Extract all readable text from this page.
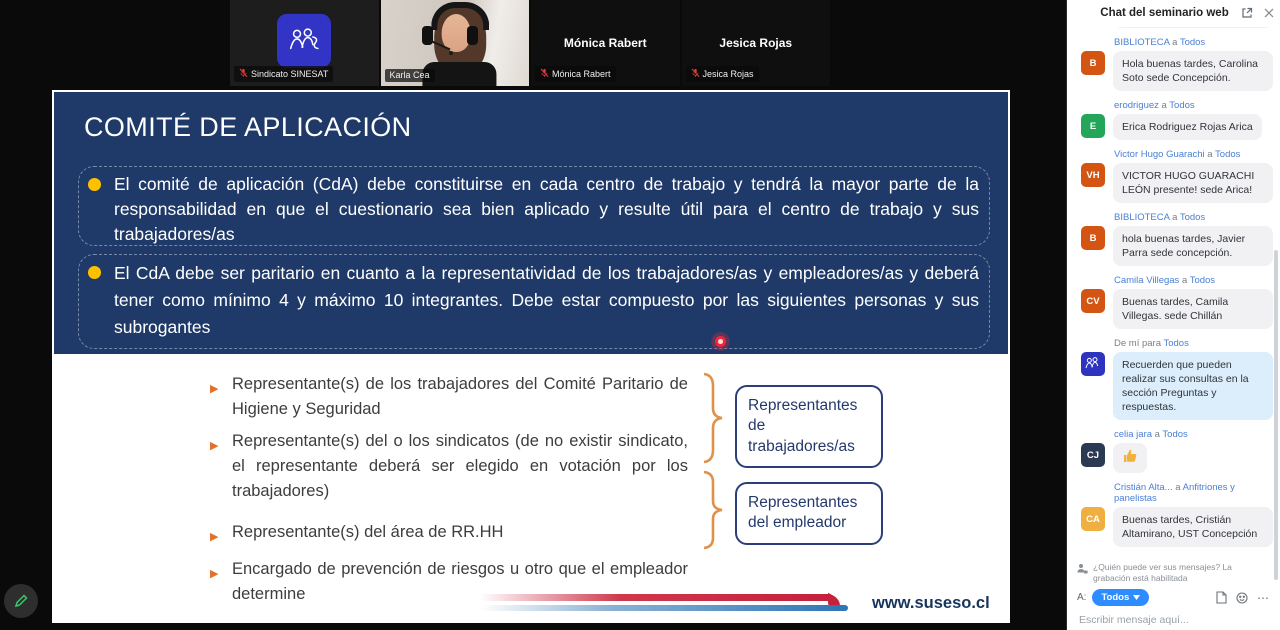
Sindicato SINESAT	Karla Cea
Mónica Rabert
Mónica Rabert
Jesica Rojas
Jesica Rojas
COMITÉ DE APLICACIÓN
El comité de aplicación (CdA) debe constituirse en cada centro de trabajo y tendrá la mayor parte de la responsabilidad en que el cuestionario sea bien aplicado y resulte útil para el centro de trabajo y sus trabajadores/as
El CdA debe ser paritario en cuanto a la representatividad de los trabajadores/as y empleadores/as y deberá tener como mínimo 4 y máximo 10 integrantes. Debe estar compuesto por las siguientes personas y sus subrogantes
▶ Representante(s) de los trabajadores del Comité Paritario de Higiene y Seguridad
▶ Representante(s) del o los sindicatos (de no existir sindicato, el representante deberá ser elegido en votación por los trabajadores)
▶ Representante(s) del área de RR.HH
▶ Encargado de prevención de riesgos u otro que el empleador determine
Representantes de trabajadores/as
Representantes del empleador
www.suseso.cl
Chat del seminario web
BIBLIOTECA a Todos
B	Hola buenas tardes, Carolina Soto sede Concepción.
erodriguez a Todos
E	Erica Rodriguez Rojas Arica
Victor Hugo Guarachi a Todos
VH	VICTOR HUGO GUARACHI LEÓN presente! sede Arica!
BIBLIOTECA a Todos
B	hola buenas tardes, Javier Parra sede concepción.
Camila Villegas a Todos
CV	Buenas tardes, Camila Villegas. sede Chillán
De mí para Todos
Recuerden que pueden realizar sus consultas en la sección Preguntas y respuestas.
celia jara a Todos
CJ
Cristián Alta... a Anfitriones y panelistas
CA	Buenas tardes, Cristián Altamirano, UST Concepción
¿Quién puede ver sus mensajes? La grabación está habilitada
A: Todos	⋯
Escribir mensaje aquí...
